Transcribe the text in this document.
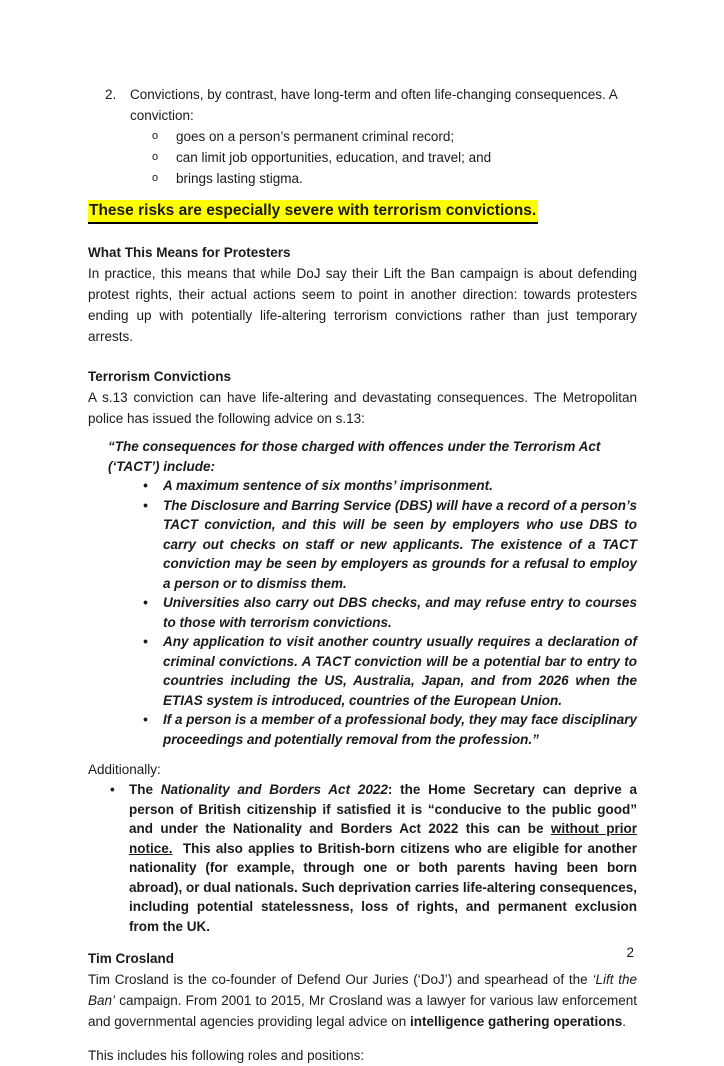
2.	Convictions, by contrast, have long-term and often life-changing consequences. A conviction:
o	goes on a person’s permanent criminal record;
o	can limit job opportunities, education, and travel; and
o	brings lasting stigma.
These risks are especially severe with terrorism convictions.
What This Means for Protesters

In practice, this means that while DoJ say their Lift the Ban campaign is about defending protest rights, their actual actions seem to point in another direction: towards protesters ending up with potentially life-altering terrorism convictions rather than just temporary arrests.

Terrorism Convictions

A s.13 conviction can have life-altering and devastating consequences. The Metropolitan police has issued the following advice on s.13:

“The consequences for those charged with offences under the Terrorism Act (‘TACT’) include:

•	A maximum sentence of six months’ imprisonment.
•	The Disclosure and Barring Service (DBS) will have a record of a person’s TACT conviction, and this will be seen by employers who use DBS to carry out checks on staff or new applicants. The existence of a TACT conviction may be seen by employers as grounds for a refusal to employ a person or to dismiss them.
•	Universities also carry out DBS checks, and may refuse entry to courses to those with terrorism convictions.
•	Any application to visit another country usually requires a declaration of criminal convictions. A TACT conviction will be a potential bar to entry to countries including the US, Australia, Japan, and from 2026 when the ETIAS system is introduced, countries of the European Union.
•	If a person is a member of a professional body, they may face disciplinary proceedings and potentially removal from the profession.”

Additionally:

•	The Nationality and Borders Act 2022: the Home Secretary can deprive a person of British citizenship if satisfied it is “conducive to the public good” and under the Nationality and Borders Act 2022 this can be without prior notice.  This also applies to British-born citizens who are eligible for another nationality (for example, through one or both parents having been born abroad), or dual nationals. Such deprivation carries life-altering consequences, including potential statelessness, loss of rights, and permanent exclusion from the UK.
Tim Crosland

Tim Crosland is the co-founder of Defend Our Juries (‘DoJ’) and spearhead of the ‘Lift the Ban’ campaign. From 2001 to 2015, Mr Crosland was a lawyer for various law enforcement and governmental agencies providing legal advice on intelligence gathering operations.

This includes his following roles and positions:

2
